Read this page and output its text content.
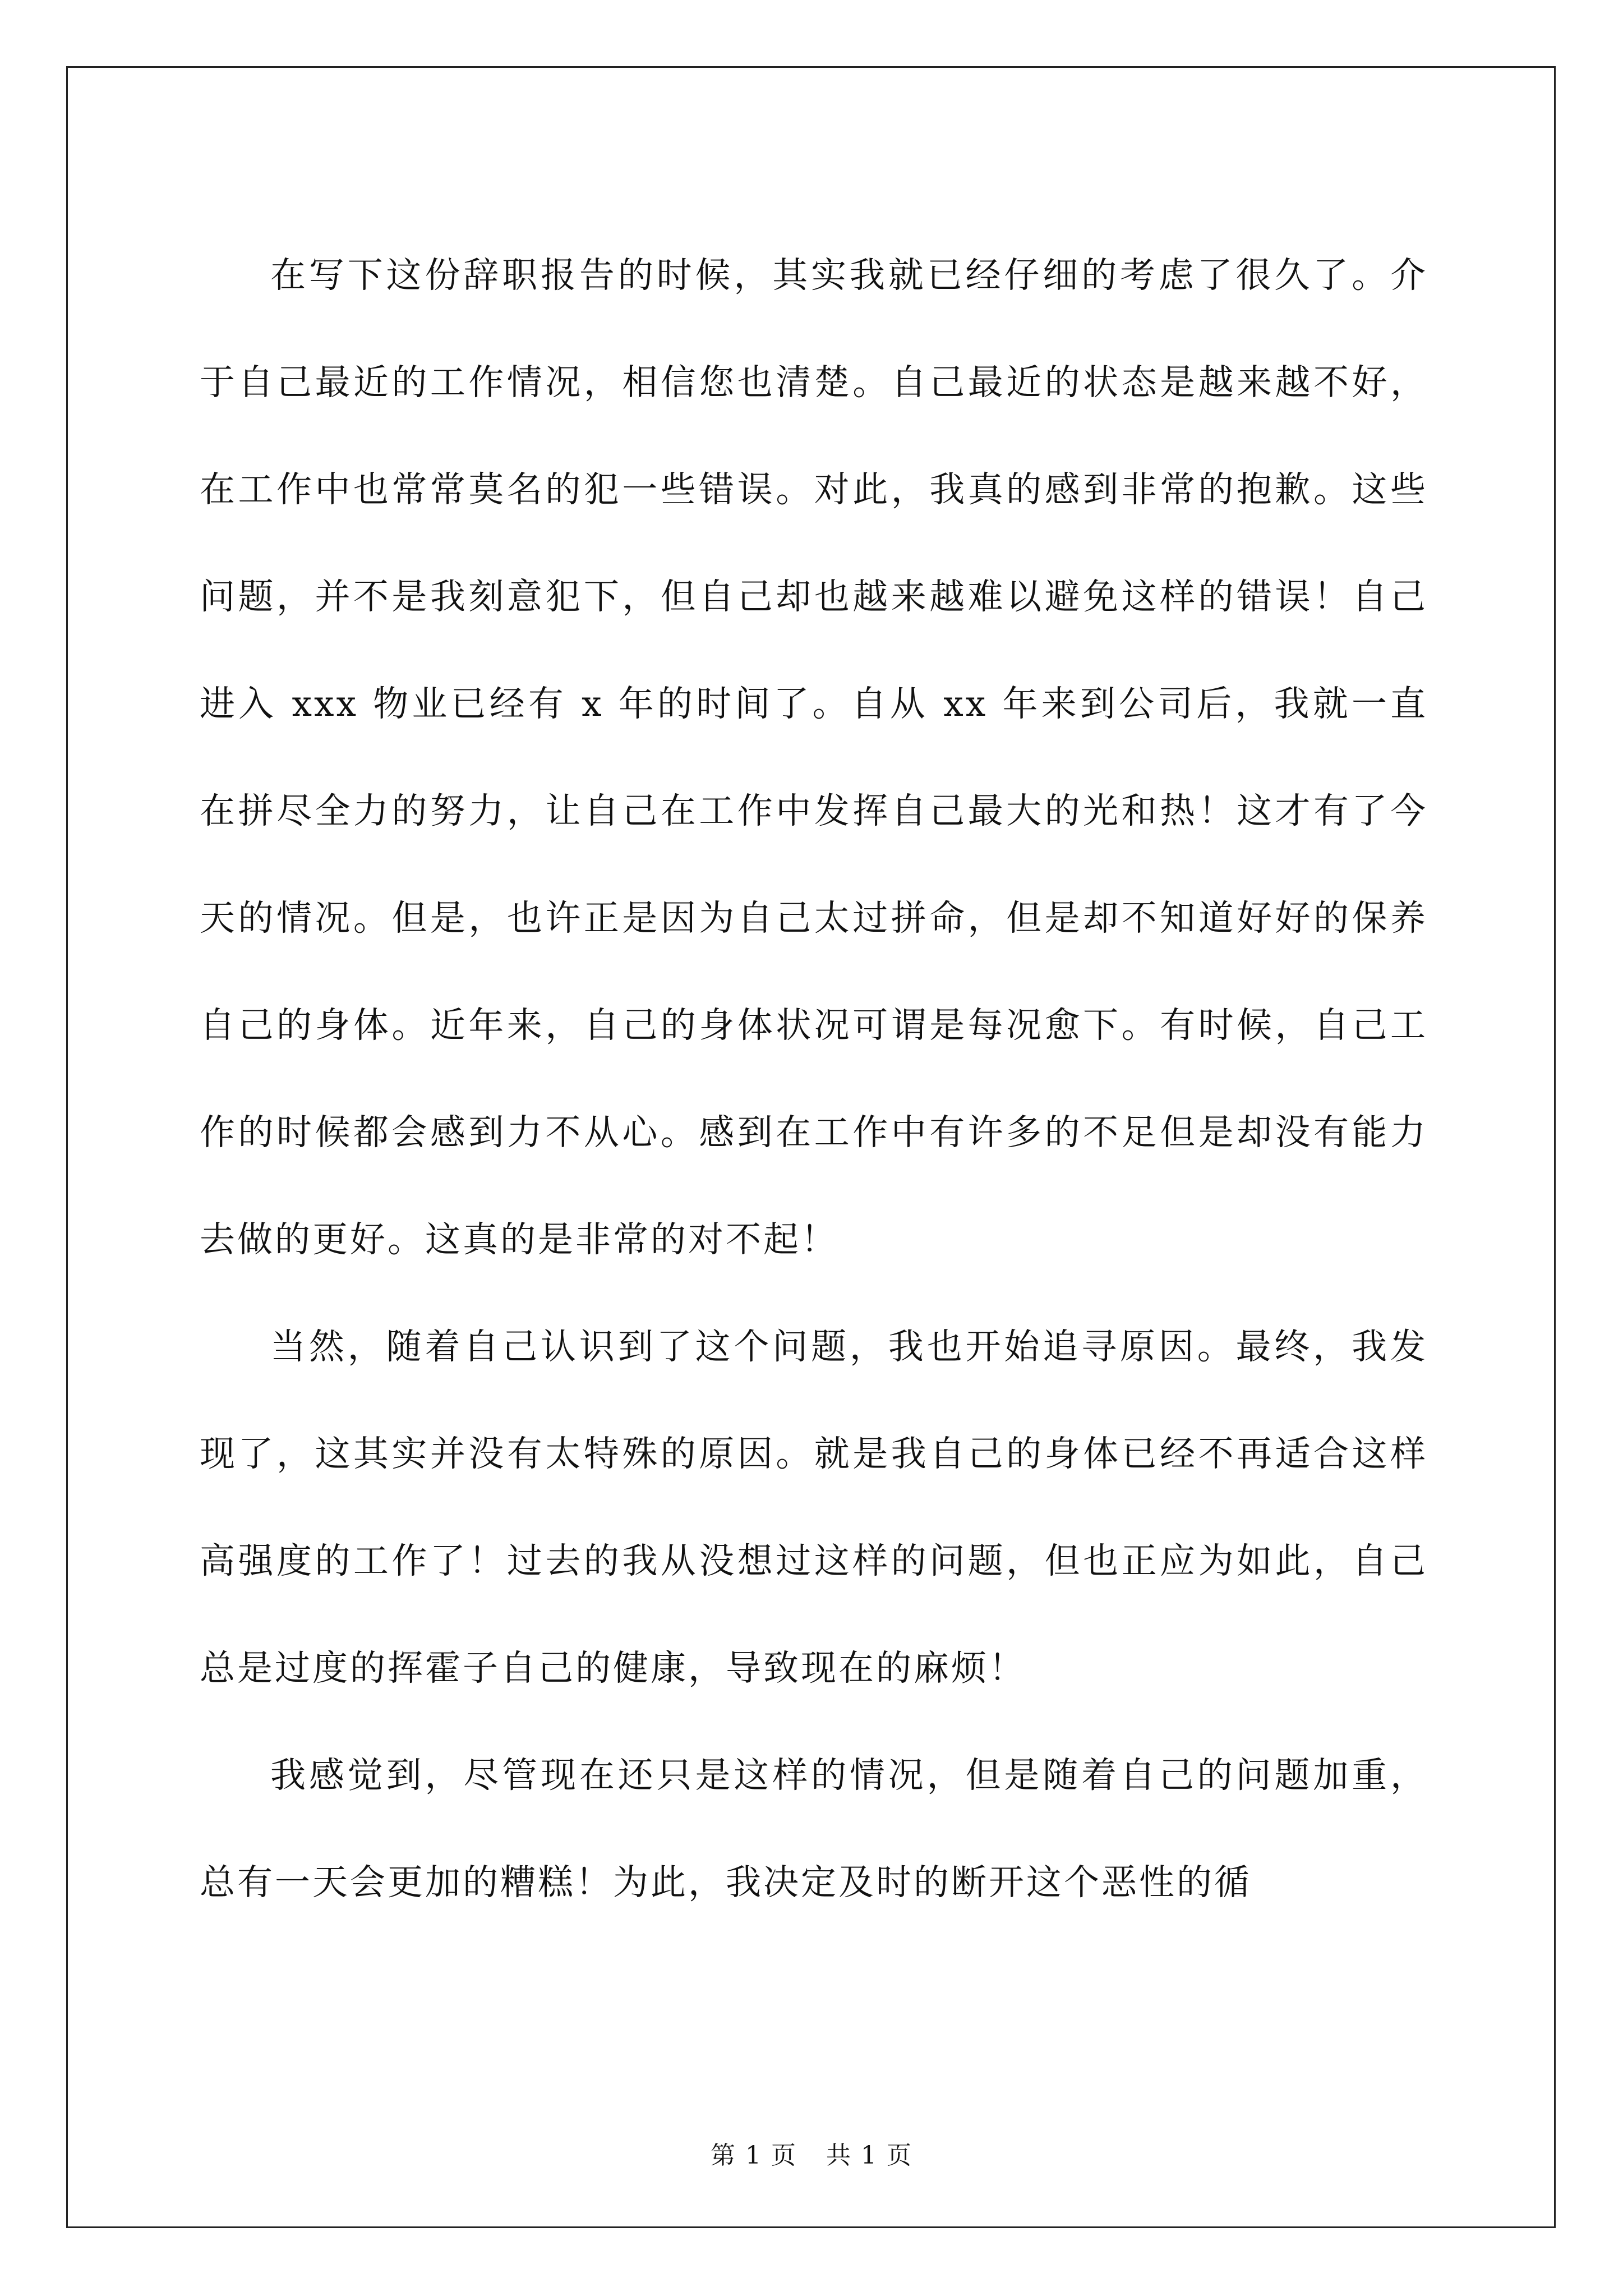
在写下这份辞职报告的时候，其实我就已经仔细的考虑了很久了。介于自己最近的工作情况，相信您也清楚。自己最近的状态是越来越不好，在工作中也常常莫名的犯一些错误。对此，我真的感到非常的抱歉。这些问题，并不是我刻意犯下，但自己却也越来越难以避免这样的错误！自己进入 xxx 物业已经有 x 年的时间了。自从 xx 年来到公司后，我就一直在拼尽全力的努力，让自己在工作中发挥自己最大的光和热！这才有了今天的情况。但是，也许正是因为自己太过拼命，但是却不知道好好的保养自己的身体。近年来，自己的身体状况可谓是每况愈下。有时候，自己工作的时候都会感到力不从心。感到在工作中有许多的不足但是却没有能力去做的更好。这真的是非常的对不起！

当然，随着自己认识到了这个问题，我也开始追寻原因。最终，我发现了，这其实并没有太特殊的原因。就是我自己的身体已经不再适合这样高强度的工作了！过去的我从没想过这样的问题，但也正应为如此，自己总是过度的挥霍子自己的健康，导致现在的麻烦！

我感觉到，尽管现在还只是这样的情况，但是随着自己的问题加重，总有一天会更加的糟糕！为此，我决定及时的断开这个恶性的循

第 1 页 共 1 页
